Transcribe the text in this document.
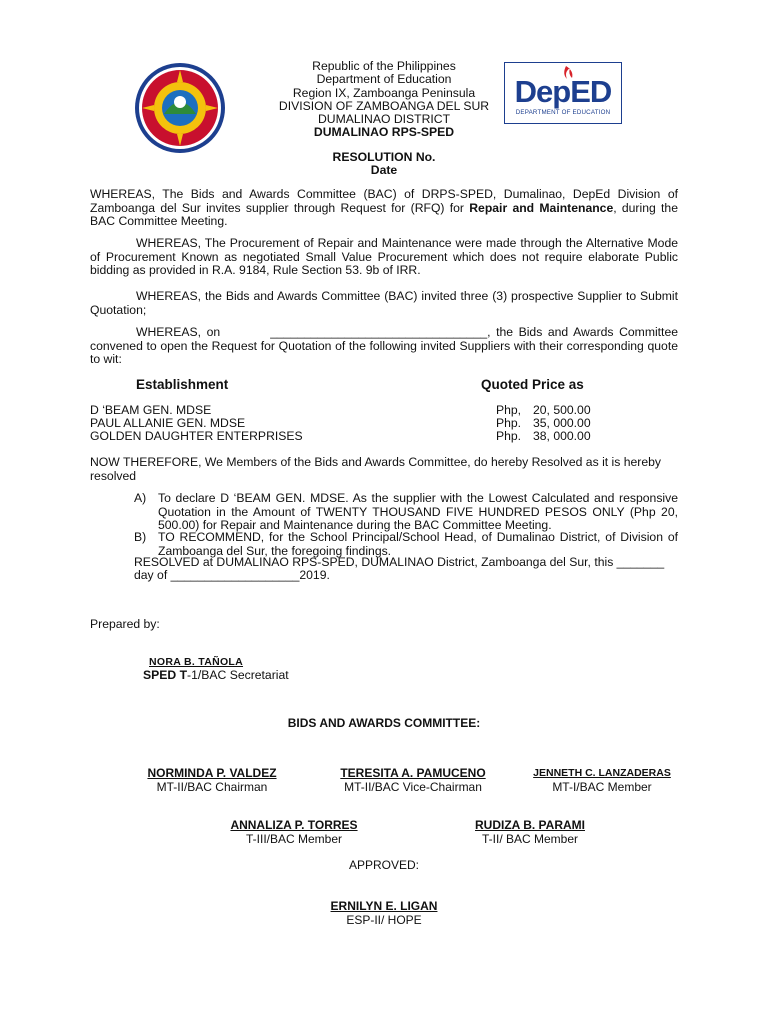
DepED
DEPARTMENT OF EDUCATION
Republic of the Philippines
Department of Education
Region IX, Zamboanga Peninsula
DIVISION OF ZAMBOANGA DEL SUR
DUMALINAO DISTRICT
DUMALINAO RPS-SPED
RESOLUTION No.
Date
WHEREAS, The Bids and Awards Committee (BAC) of DRPS-SPED, Dumalinao, DepEd Division of Zamboanga del Sur invites supplier through Request for (RFQ) for Repair and Maintenance, during the BAC Committee Meeting.
WHEREAS, The Procurement of Repair and Maintenance were made through the Alternative Mode of Procurement Known as negotiated Small Value Procurement which does not require elaborate Public bidding as provided in R.A. 9184, Rule Section 53. 9b of IRR.
WHEREAS, the Bids and Awards Committee (BAC) invited three (3) prospective Supplier to Submit Quotation;
WHEREAS, on	________________________________, the Bids and Awards Committee convened to open the Request for Quotation of the following invited Suppliers with their corresponding quote to wit:
Establishment	Quoted Price as
D ‘BEAM GEN. MDSE	Php, 20, 500.00
PAUL ALLANIE GEN. MDSE	Php. 35, 000.00
GOLDEN DAUGHTER ENTERPRISES	Php. 38, 000.00
NOW THEREFORE, We Members of the Bids and Awards Committee, do hereby Resolved as it is hereby resolved
A) To declare D ‘BEAM GEN. MDSE. As the supplier with the Lowest Calculated and responsive Quotation in the Amount of TWENTY THOUSAND FIVE HUNDRED PESOS ONLY (Php 20, 500.00) for Repair and Maintenance during the BAC Committee Meeting.
B) TO RECOMMEND, for the School Principal/School Head, of Dumalinao District, of Division of Zamboanga del Sur, the foregoing findings.
RESOLVED at DUMALINAO RPS-SPED, DUMALINAO District, Zamboanga del Sur, this _______
day of ___________________2019.
Prepared by:
NORA B. TAÑOLA
SPED T-1/BAC Secretariat
BIDS AND AWARDS COMMITTEE:
NORMINDA P. VALDEZ
MT-II/BAC Chairman
TERESITA A. PAMUCENO
MT-II/BAC Vice-Chairman
JENNETH C. LANZADERAS
MT-I/BAC Member
ANNALIZA P. TORRES
T-III/BAC Member
RUDIZA B. PARAMI
T-II/ BAC Member
APPROVED:
ERNILYN E. LIGAN
ESP-II/ HOPE
